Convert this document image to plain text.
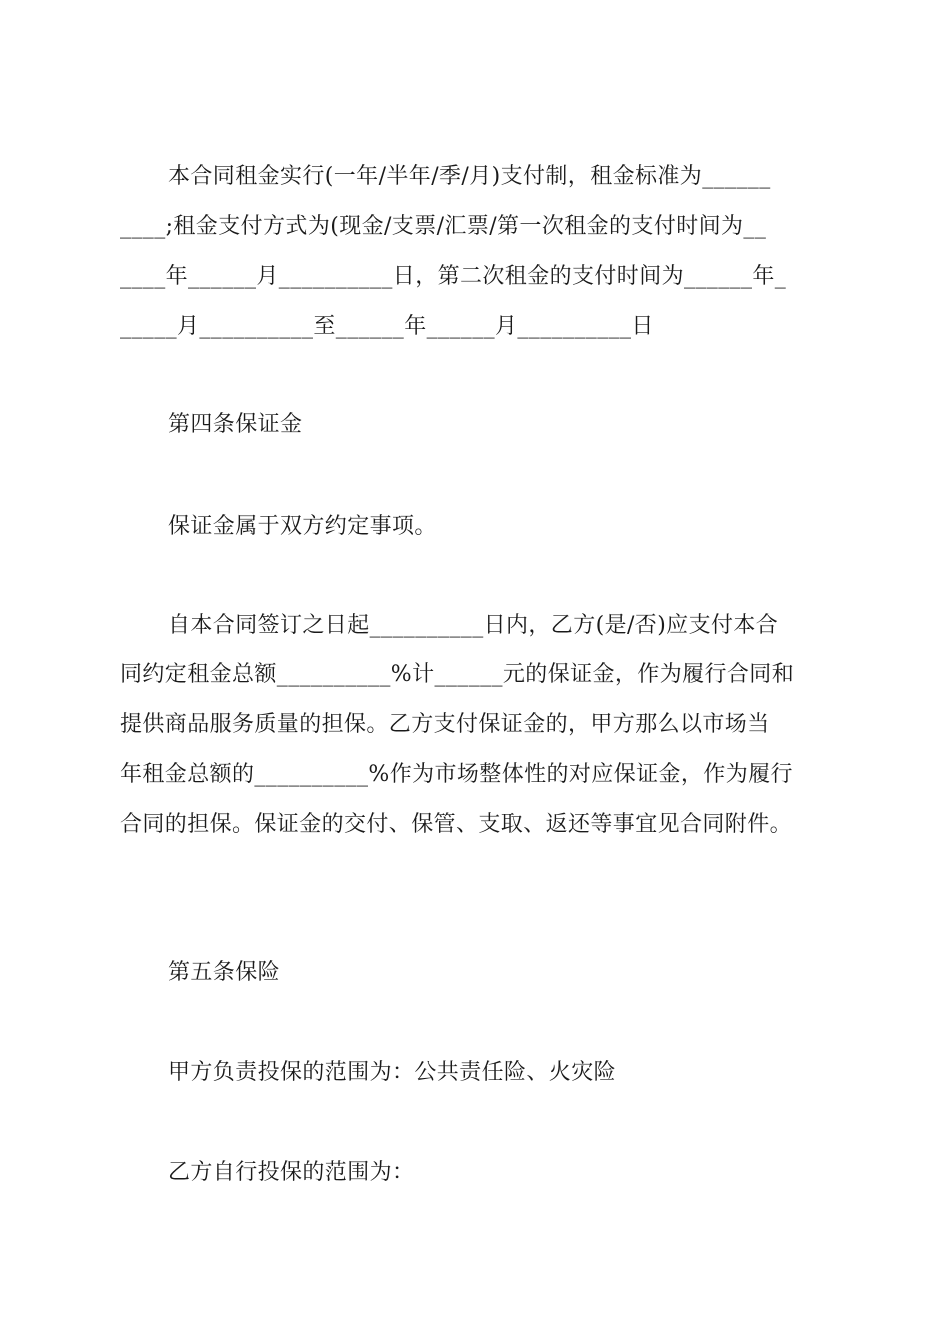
本合同租金实行(一年/半年/季/月)支付制，租金标准为______
____;租金支付方式为(现金/支票/汇票/第一次租金的支付时间为__
____年______月__________日，第二次租金的支付时间为______年_
_____月__________至______年______月__________日
第四条保证金
保证金属于双方约定事项。
自本合同签订之日起__________日内，乙方(是/否)应支付本合
同约定租金总额__________%计______元的保证金，作为履行合同和
提供商品服务质量的担保。乙方支付保证金的，甲方那么以市场当
年租金总额的__________%作为市场整体性的对应保证金，作为履行
合同的担保。保证金的交付、保管、支取、返还等事宜见合同附件。
第五条保险
甲方负责投保的范围为：公共责任险、火灾险
乙方自行投保的范围为：
